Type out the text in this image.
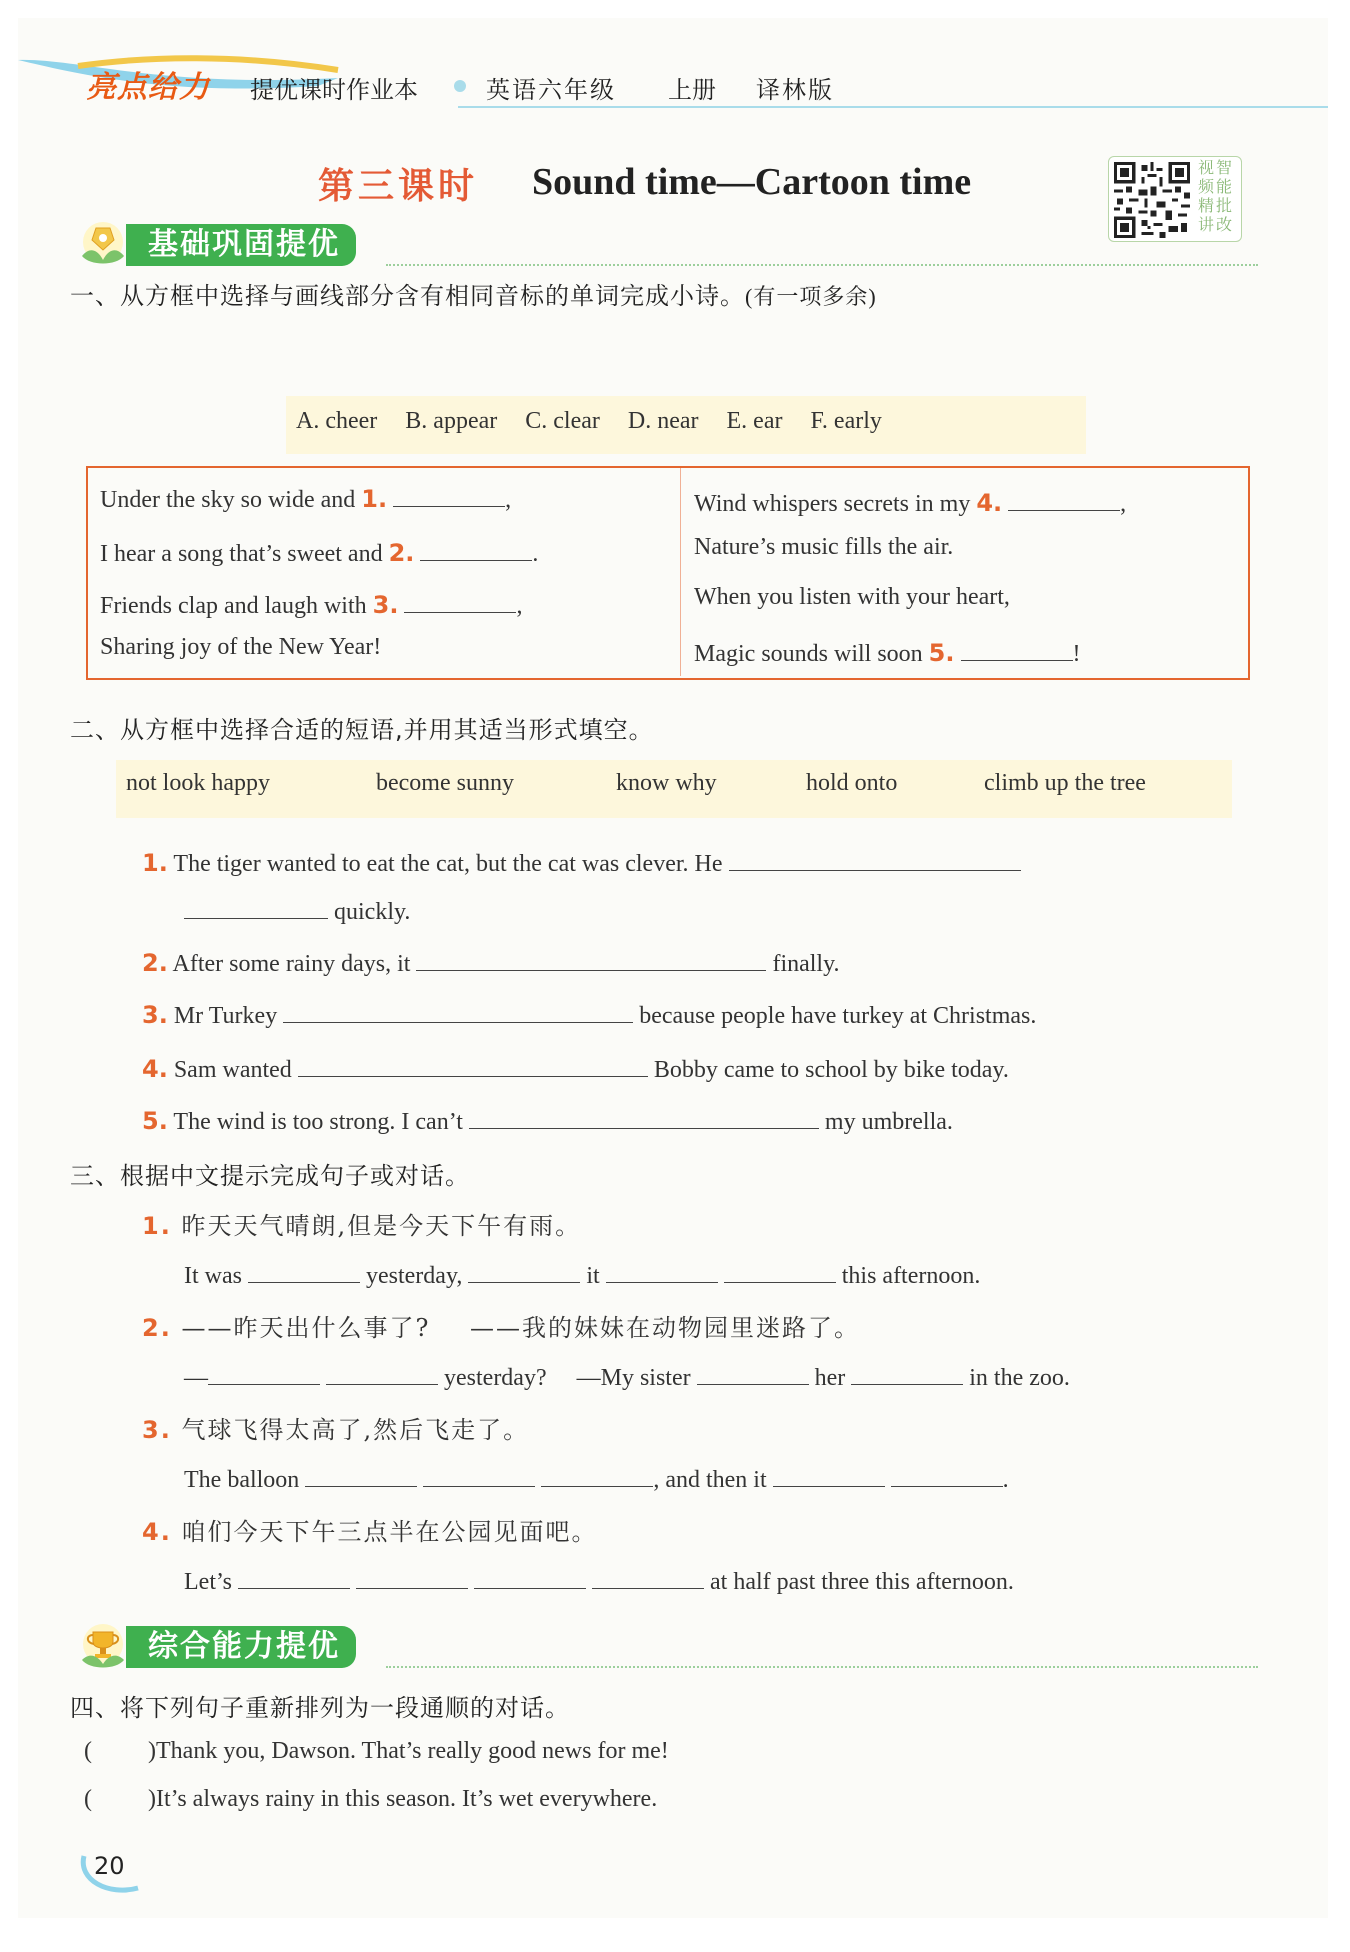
亮点给力 提优课时作业本	英语六年级 上册 译林版
第三课时 Sound time—Cartoon time	视智频能精批讲改
基础巩固提优
一、从方框中选择与画线部分含有相同音标的单词完成小诗。(有一项多余)
A. cheer B. appear C. clear D. near E. ear F. early
Under the sky so wide and 1.	,
I hear a song that’s sweet and 2.	.
Friends clap and laugh with 3.	,
Sharing joy of the New Year!
Wind whispers secrets in my 4.	,
Nature’s music fills the air.
When you listen with your heart,
Magic sounds will soon 5.	!
二、从方框中选择合适的短语,并用其适当形式填空。
not look happy	become sunny	know why	hold onto	climb up the tree
1. The tiger wanted to eat the cat, but the cat was clever. He
quickly.
2. After some rainy days, it	finally.
3. Mr Turkey	because people have turkey at Christmas.
4. Sam wanted	Bobby came to school by bike today.
5. The wind is too strong. I can’t	my umbrella.
三、根据中文提示完成句子或对话。
1. 昨天天气晴朗,但是今天下午有雨。
It was	yesterday,	it	this afternoon.
2. ——昨天出什么事了? ——我的妹妹在动物园里迷路了。
—	yesterday? —My sister	her	in the zoo.
3. 气球飞得太高了,然后飞走了。
The balloon	, and then it	.
4. 咱们今天下午三点半在公园见面吧。
Let’s	at half past three this afternoon.
综合能力提优
四、将下列句子重新排列为一段通顺的对话。
( )Thank you, Dawson. That’s really good news for me!
( )It’s always rainy in this season. It’s wet everywhere.
20
